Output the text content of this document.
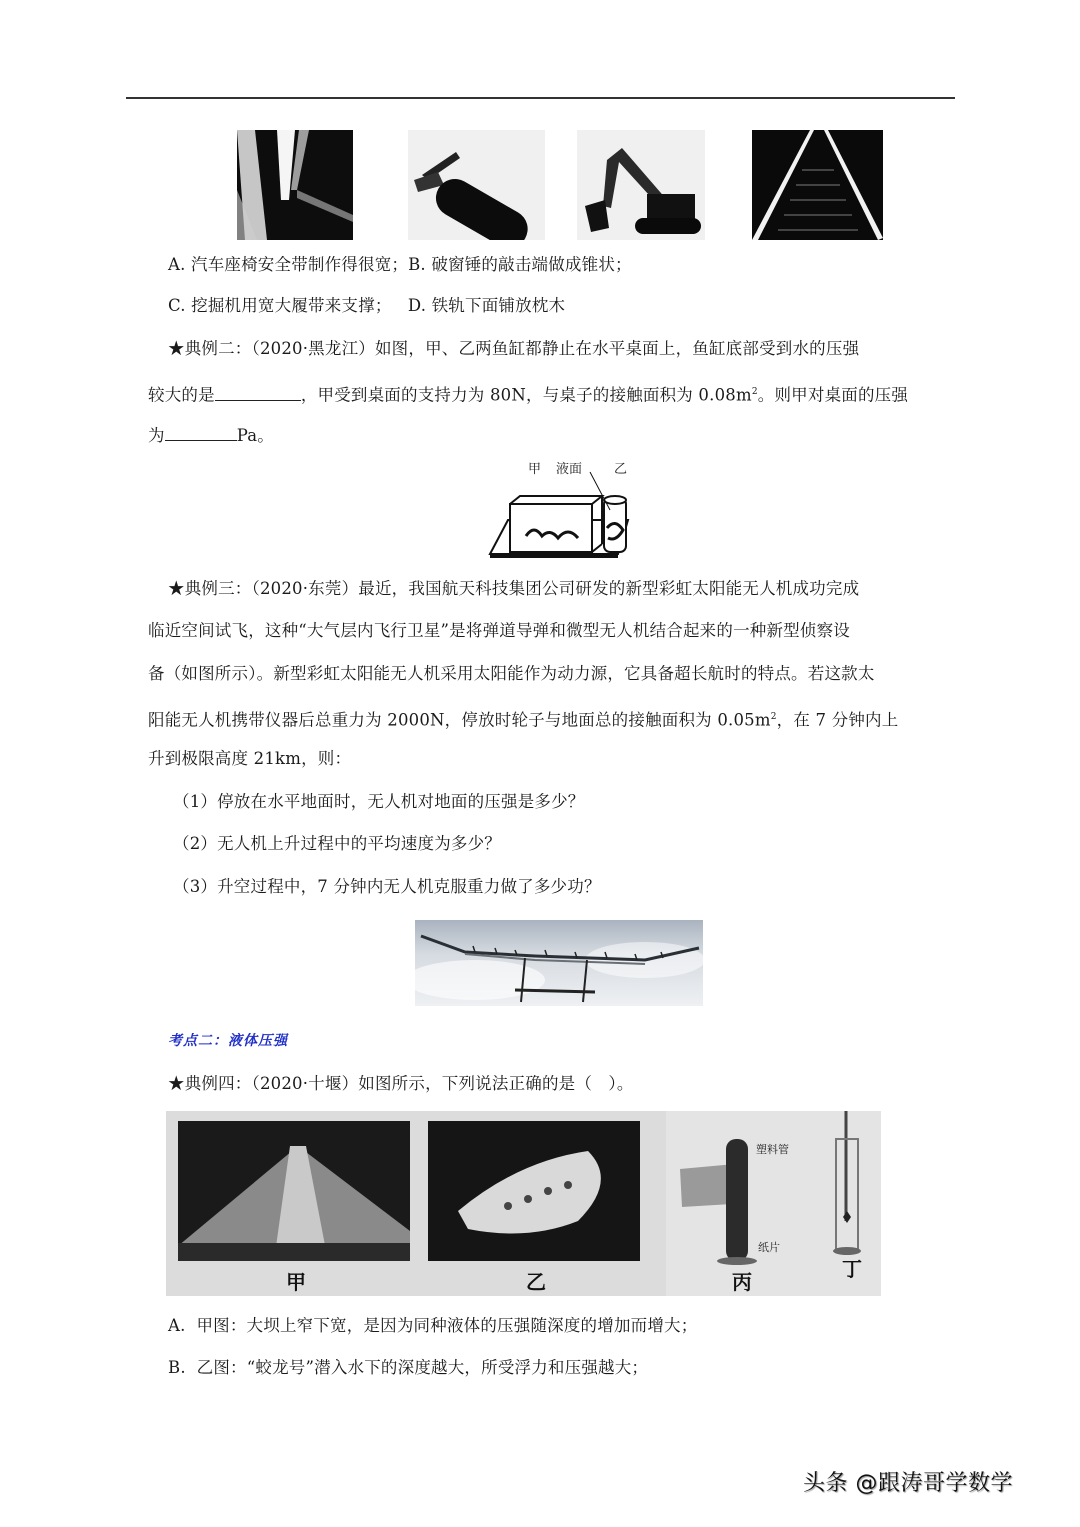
A. 汽车座椅安全带制作得很宽；B. 破窗锤的敲击端做成锥状；
C. 挖掘机用宽大履带来支撑；   D. 铁轨下面铺放枕木
★典例二：（2020·黑龙江）如图，甲、乙两鱼缸都静止在水平桌面上，鱼缸底部受到水的压强
较大的是	，甲受到桌面的支持力为 80N，与桌子的接触面积为 $0.08m^2$。则甲对桌面的压强
为	Pa。
甲 液面 乙
★典例三：（2020·东莞）最近，我国航天科技集团公司研发的新型彩虹太阳能无人机成功完成
临近空间试飞，这种“大气层内飞行卫星”是将弹道导弹和微型无人机结合起来的一种新型侦察设
备（如图所示）。新型彩虹太阳能无人机采用太阳能作为动力源，它具备超长航时的特点。若这款太
阳能无人机携带仪器后总重力为 2000N，停放时轮子与地面总的接触面积为 $0.05m^2$，在 7 分钟内上
升到极限高度 21km，则：
（1）停放在水平地面时，无人机对地面的压强是多少？
（2）无人机上升过程中的平均速度为多少？
（3）升空过程中，7 分钟内无人机克服重力做了多少功？
考点二：液体压强
★典例四：（2020·十堰）如图所示，下列说法正确的是（   ）。
甲	乙
塑料管
纸片
丙
丁
A.  甲图：大坝上窄下宽，是因为同种液体的压强随深度的增加而增大；
B.  乙图：“蛟龙号”潜入水下的深度越大，所受浮力和压强越大；
头条 @跟涛哥学数学
